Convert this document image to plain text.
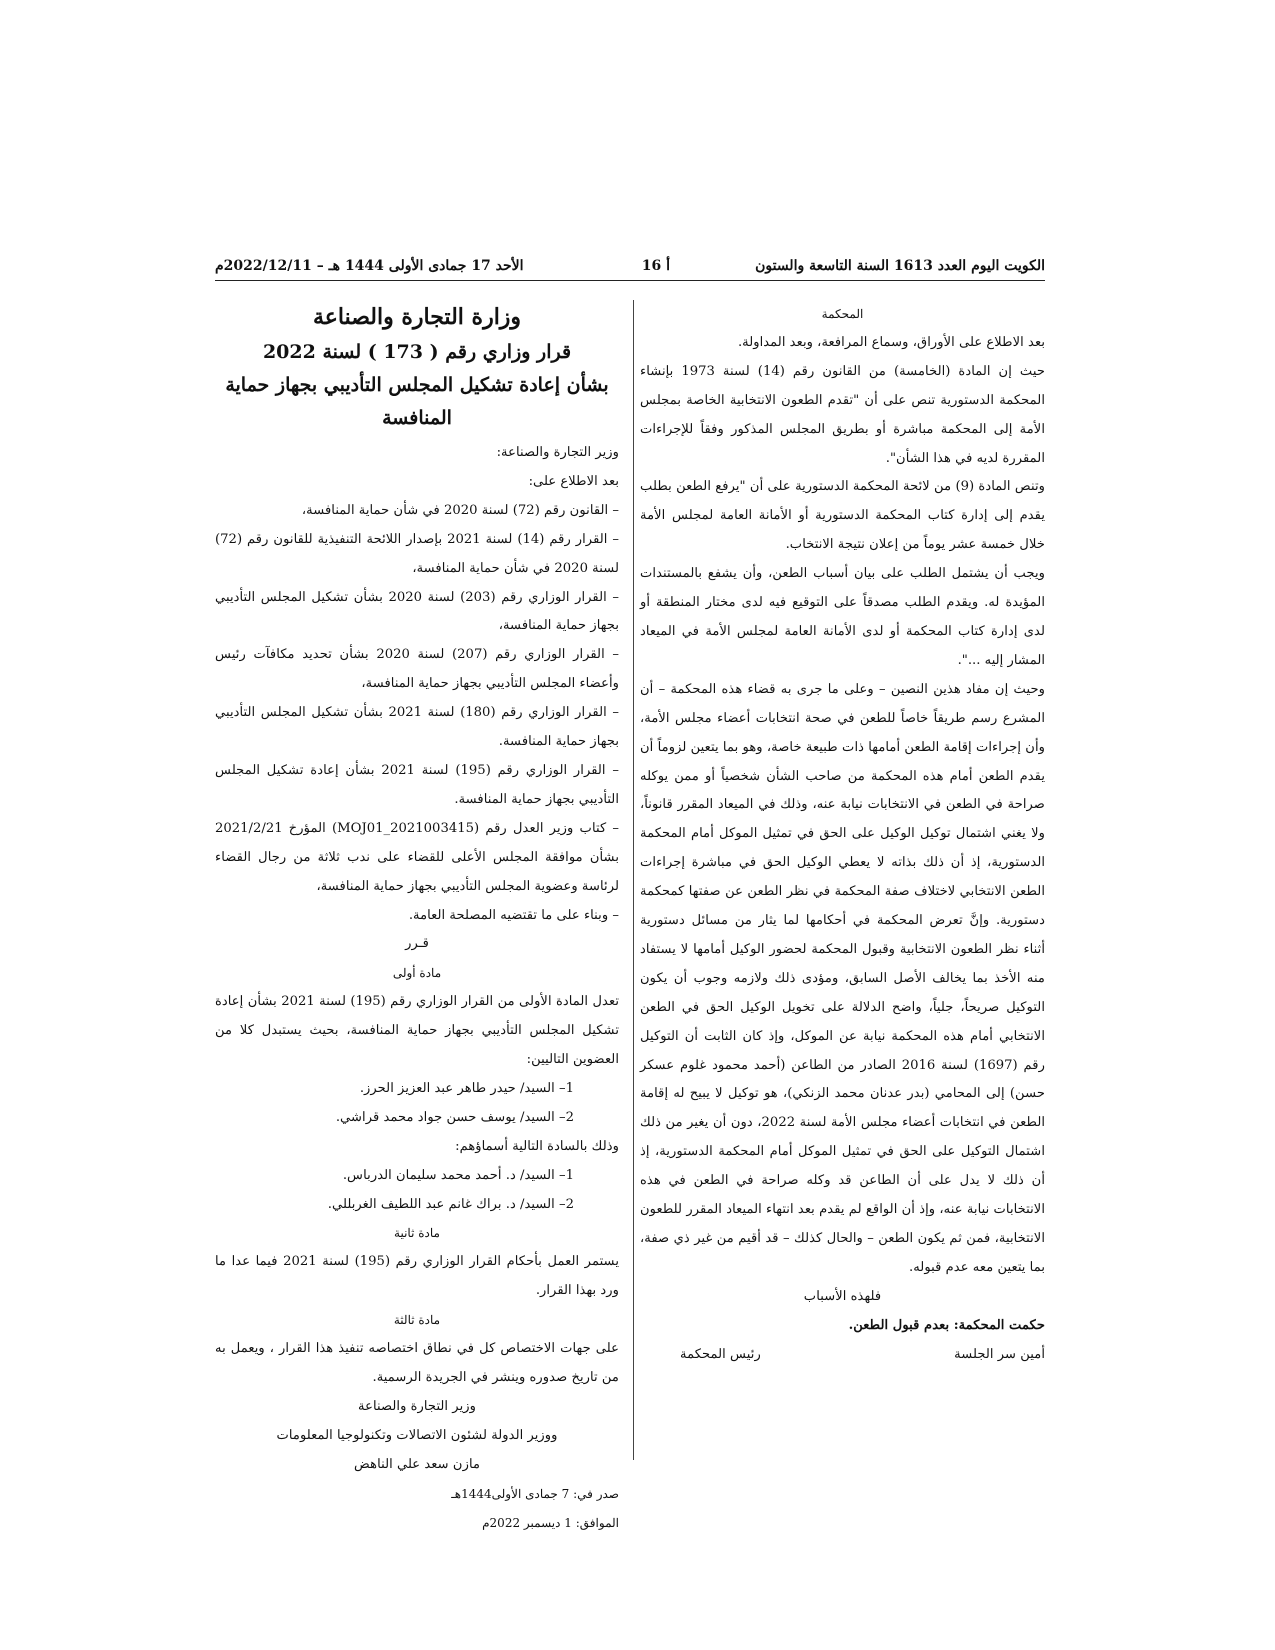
الكويت اليوم العدد 1613 السنة التاسعة والستون
أ 16
الأحد 17 جمادى الأولى 1444 هـ – 2022/12/11م

المحكمة

بعد الاطلاع على الأوراق، وسماع المرافعة، وبعد المداولة.

حيث إن المادة (الخامسة) من القانون رقم (14) لسنة 1973 بإنشاء المحكمة الدستورية تنص على أن "تقدم الطعون الانتخابية الخاصة بمجلس الأمة إلى المحكمة مباشرة أو بطريق المجلس المذكور وفقاً للإجراءات المقررة لديه في هذا الشأن".

وتنص المادة (9) من لائحة المحكمة الدستورية على أن "يرفع الطعن بطلب يقدم إلى إدارة كتاب المحكمة الدستورية أو الأمانة العامة لمجلس الأمة خلال خمسة عشر يوماً من إعلان نتيجة الانتخاب.

ويجب أن يشتمل الطلب على بيان أسباب الطعن، وأن يشفع بالمستندات المؤيدة له. ويقدم الطلب مصدقاً على التوقيع فيه لدى مختار المنطقة أو لدى إدارة كتاب المحكمة أو لدى الأمانة العامة لمجلس الأمة في الميعاد المشار إليه ...".

وحيث إن مفاد هذين النصين – وعلى ما جرى به قضاء هذه المحكمة – أن المشرع رسم طريقاً خاصاً للطعن في صحة انتخابات أعضاء مجلس الأمة، وأن إجراءات إقامة الطعن أمامها ذات طبيعة خاصة، وهو بما يتعين لزوماً أن يقدم الطعن أمام هذه المحكمة من صاحب الشأن شخصياً أو ممن يوكله صراحة في الطعن في الانتخابات نيابة عنه، وذلك في الميعاد المقرر قانوناً، ولا يغني اشتمال توكيل الوكيل على الحق في تمثيل الموكل أمام المحكمة الدستورية، إذ أن ذلك بذاته لا يعطي الوكيل الحق في مباشرة إجراءات الطعن الانتخابي لاختلاف صفة المحكمة في نظر الطعن عن صفتها كمحكمة دستورية. وإنَّ تعرض المحكمة في أحكامها لما يثار من مسائل دستورية أثناء نظر الطعون الانتخابية وقبول المحكمة لحضور الوكيل أمامها لا يستفاد منه الأخذ بما يخالف الأصل السابق، ومؤدى ذلك ولازمه وجوب أن يكون التوكيل صريحاً، جلياً، واضح الدلالة على تخويل الوكيل الحق في الطعن الانتخابي أمام هذه المحكمة نيابة عن الموكل، وإذ كان الثابت أن التوكيل رقم (1697) لسنة 2016 الصادر من الطاعن (أحمد محمود غلوم عسكر حسن) إلى المحامي (بدر عدنان محمد الزنكي)، هو توكيل لا يبيح له إقامة الطعن في انتخابات أعضاء مجلس الأمة لسنة 2022، دون أن يغير من ذلك اشتمال التوكيل على الحق في تمثيل الموكل أمام المحكمة الدستورية، إذ أن ذلك لا يدل على أن الطاعن قد وكله صراحة في الطعن في هذه الانتخابات نيابة عنه، وإذ أن الواقع لم يقدم بعد انتهاء الميعاد المقرر للطعون الانتخابية، فمن ثم يكون الطعن – والحال كذلك – قد أقيم من غير ذي صفة، بما يتعين معه عدم قبوله.

فلهذه الأسباب

حكمت المحكمة: بعدم قبول الطعن.

أمين سر الجلسة
رئيس المحكمة

وزارة التجارة والصناعة

قرار وزاري رقم ( 173 ) لسنة 2022

بشأن إعادة تشكيل المجلس التأديبي بجهاز حماية

المنافسة

وزير التجارة والصناعة:

بعد الاطلاع على:

– القانون رقم (72) لسنة 2020 في شأن حماية المنافسة،

– القرار رقم (14) لسنة 2021 بإصدار اللائحة التنفيذية للقانون رقم (72) لسنة 2020 في شأن حماية المنافسة،

– القرار الوزاري رقم (203) لسنة 2020 بشأن تشكيل المجلس التأديبي بجهاز حماية المنافسة،

– القرار الوزاري رقم (207) لسنة 2020 بشأن تحديد مكافآت رئيس وأعضاء المجلس التأديبي بجهاز حماية المنافسة،

– القرار الوزاري رقم (180) لسنة 2021 بشأن تشكيل المجلس التأديبي بجهاز حماية المنافسة.

– القرار الوزاري رقم (195) لسنة 2021 بشأن إعادة تشكيل المجلس التأديبي بجهاز حماية المنافسة.

– كتاب وزير العدل رقم (MOJ01_2021003415) المؤرخ 2021/2/21 بشأن موافقة المجلس الأعلى للقضاء على ندب ثلاثة من رجال القضاء لرئاسة وعضوية المجلس التأديبي بجهاز حماية المنافسة،

– وبناء على ما تقتضيه المصلحة العامة.

قـرر

مادة أولى

تعدل المادة الأولى من القرار الوزاري رقم (195) لسنة 2021 بشأن إعادة تشكيل المجلس التأديبي بجهاز حماية المنافسة، بحيث يستبدل كلا من العضوين التاليين:

1– السيد/ حيدر طاهر عبد العزيز الحرز.

2– السيد/ يوسف حسن جواد محمد قراشي.

وذلك بالسادة التالية أسماؤهم:

1– السيد/ د. أحمد محمد سليمان الدرباس.

2– السيد/ د. براك غانم عبد اللطيف الغربللي.

مادة ثانية

يستمر العمل بأحكام القرار الوزاري رقم (195) لسنة 2021 فيما عدا ما ورد بهذا القرار.

مادة ثالثة

على جهات الاختصاص كل في نطاق اختصاصه تنفيذ هذا القرار ، ويعمل به من تاريخ صدوره وينشر في الجريدة الرسمية.

وزير التجارة والصناعة

ووزير الدولة لشئون الاتصالات وتكنولوجيا المعلومات

مازن سعد علي الناهض

صدر في: 7 جمادى الأولى1444هـ

الموافق: 1 ديسمبر 2022م
